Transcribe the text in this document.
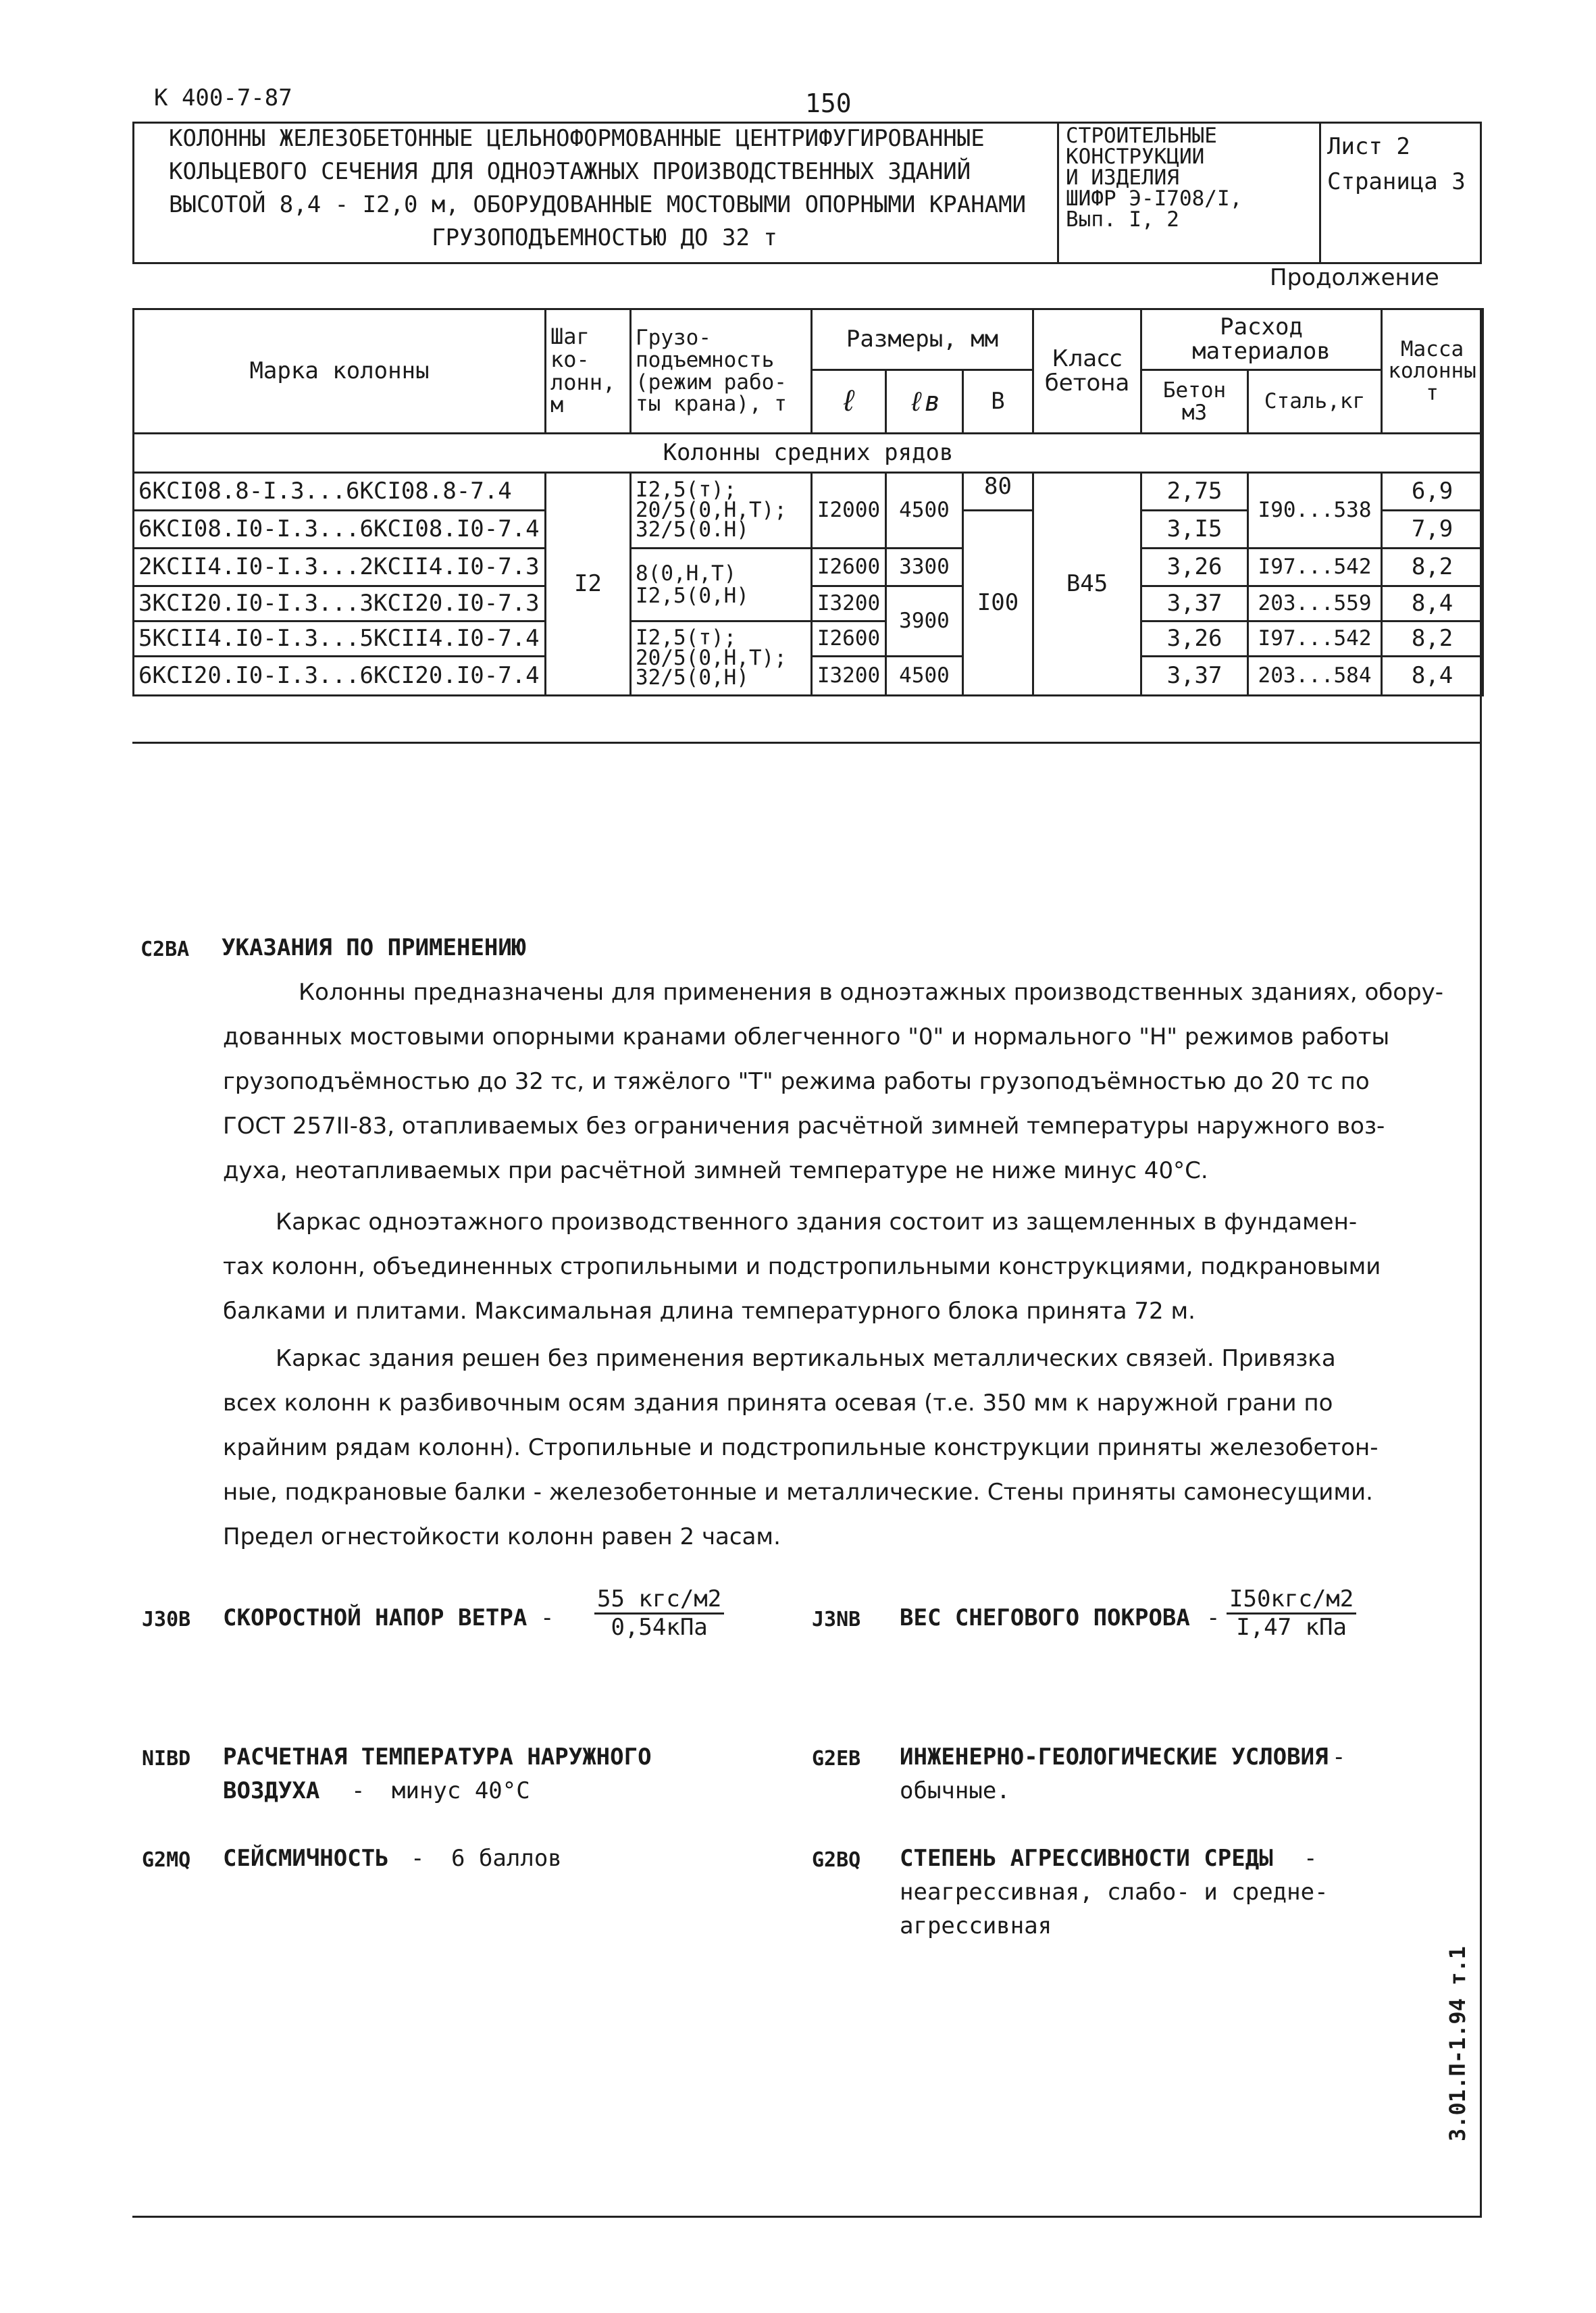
К 400-7-87	150
КОЛОННЫ ЖЕЛЕЗОБЕТОННЫЕ ЦЕЛЬНОФОРМОВАННЫЕ ЦЕНТРИФУГИРОВАННЫЕ
КОЛЬЦЕВОГО СЕЧЕНИЯ ДЛЯ ОДНОЭТАЖНЫХ ПРОИЗВОДСТВЕННЫХ ЗДАНИЙ
ВЫСОТОЙ 8,4 - I2,0 м, ОБОРУДОВАННЫЕ МОСТОВЫМИ ОПОРНЫМИ КРАНАМИ
ГРУЗОПОДЪЕМНОСТЬЮ ДО 32 т
СТРОИТЕЛЬНЫЕ
КОНСТРУКЦИИ
И ИЗДЕЛИЯ
ШИФР Э-I708/I,
Вып. I, 2
Лист 2
Страница 3
Продолжение
Марка колонны	Шаг ко- лонн, м	Грузо- подъемность (режим рабо- ты крана), т	Размеры, мм			Класс бетона	Расход материалов		Масса колонны т
			ℓ	ℓв	B		Бетон м3	Сталь,кг	
Колонны средних рядов									
6КСI08.8-I.3...6КСI08.8-7.4	I2	I2,5(т);
20/5(0,Н,Т);
32/5(0.Н)	I2000	4500	80	B45	2,75	I90...538	6,9
6КСI08.I0-I.3...6КСI08.I0-7.4					I00		3,I5		7,9
2КСII4.I0-I.3...2КСII4.I0-7.3		8(0,Н,Т)
I2,5(0,Н)	I2600	3300			3,26	I97...542	8,2
3КСI20.I0-I.3...3КСI20.I0-7.3			I3200	3900			3,37	203...559	8,4
5КСII4.I0-I.3...5КСII4.I0-7.4		I2,5(т);
20/5(0,Н,Т);
32/5(0,Н)	I2600				3,26	I97...542	8,2
6КСI20.I0-I.3...6КСI20.I0-7.4			I3200	4500			3,37	203...584	8,4
C2BA УКАЗАНИЯ ПО ПРИМЕНЕНИЮ
Колонны предназначены для применения в одноэтажных производственных зданиях, обору-
дованных мостовыми опорными кранами облегченного "0" и нормального "Н" режимов работы
грузоподъёмностью до 32 тс, и тяжёлого "Т" режима работы грузоподъёмностью до 20 тс по
ГОСТ 257II-83, отапливаемых без ограничения расчётной зимней температуры наружного воз-
духа, неотапливаемых при расчётной зимней температуре не ниже минус 40°С.
Каркас одноэтажного производственного здания состоит из защемленных в фундамен-
тах колонн, объединенных стропильными и подстропильными конструкциями, подкрановыми
балками и плитами. Максимальная длина температурного блока принята 72 м.
Каркас здания решен без применения вертикальных металлических связей. Привязка
всех колонн к разбивочным осям здания принята осевая (т.е. 350 мм к наружной грани по
крайним рядам колонн). Стропильные и подстропильные конструкции приняты железобетон-
ные, подкрановые балки - железобетонные и металлические. Стены приняты самонесущими.
Предел огнестойкости колонн равен 2 часам.
J30B СКОРОСТНОЙ НАПОР ВЕТРА -
55 кгс/м2
0,54кПа	J3NB ВЕС СНЕГОВОГО ПОКРОВА -
I50кгс/м2
I,47 кПа
NIBD РАСЧЕТНАЯ ТЕМПЕРАТУРА НАРУЖНОГО
ВОЗДУХА - минус 40°С
G2EB ИНЖЕНЕРНО-ГЕОЛОГИЧЕСКИЕ УСЛОВИЯ -
обычные.
G2MQ СЕЙСМИЧНОСТЬ - 6 баллов	G2BQ СТЕПЕНЬ АГРЕССИВНОСТИ СРЕДЫ -
неагрессивная, слабо- и средне-
агрессивная
3.01.П-1.94 т.1
